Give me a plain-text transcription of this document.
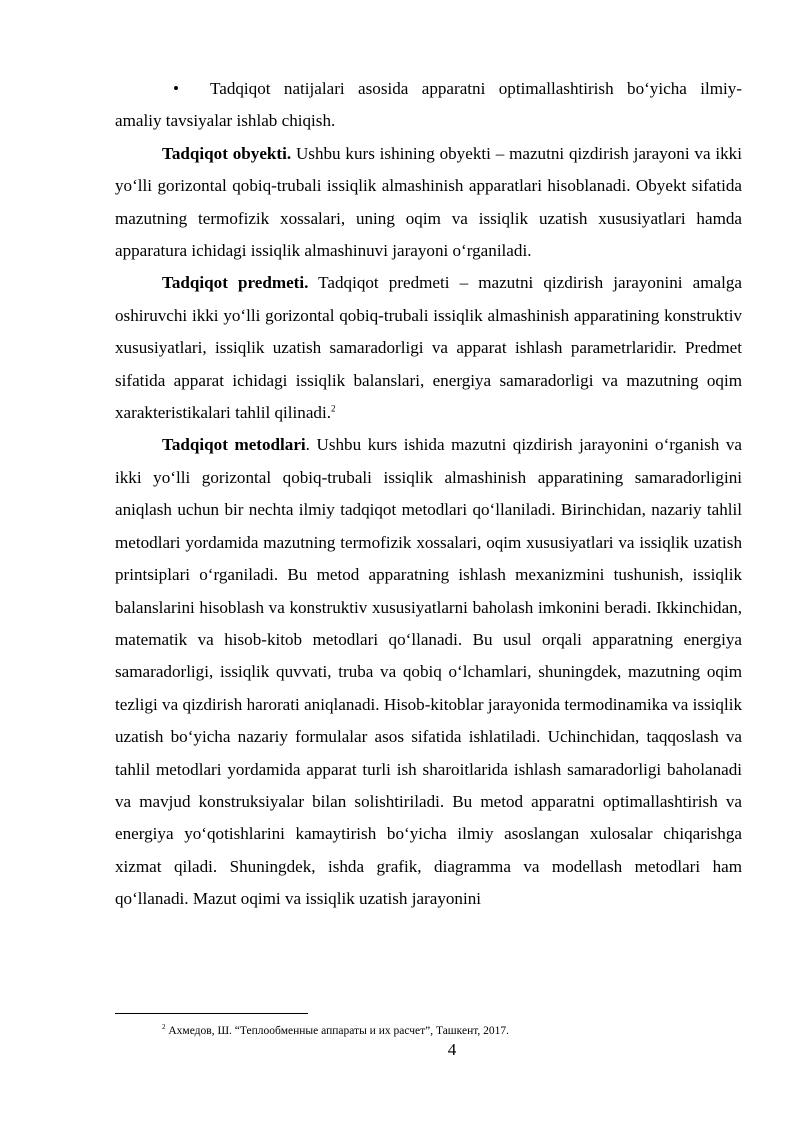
•	Tadqiqot natijalari asosida apparatni optimallashtirish bo‘yicha ilmiy-
amaliy tavsiyalar ishlab chiqish.

Tadqiqot obyekti. Ushbu kurs ishining obyekti – mazutni qizdirish jarayoni va ikki yo‘lli gorizontal qobiq-trubali issiqlik almashinish apparatlari hisoblanadi. Obyekt sifatida mazutning termofizik xossalari, uning oqim va issiqlik uzatish xususiyatlari hamda apparatura ichidagi issiqlik almashinuvi jarayoni o‘rganiladi.

Tadqiqot predmeti. Tadqiqot predmeti – mazutni qizdirish jarayonini amalga oshiruvchi ikki yo‘lli gorizontal qobiq-trubali issiqlik almashinish apparatining konstruktiv xususiyatlari, issiqlik uzatish samaradorligi va apparat ishlash parametrlaridir. Predmet sifatida apparat ichidagi issiqlik balanslari, energiya samaradorligi va mazutning oqim xarakteristikalari tahlil qilinadi.$^2$

Tadqiqot metodlari. Ushbu kurs ishida mazutni qizdirish jarayonini o‘rganish va ikki yo‘lli gorizontal qobiq-trubali issiqlik almashinish apparatining samaradorligini aniqlash uchun bir nechta ilmiy tadqiqot metodlari qo‘llaniladi. Birinchidan, nazariy tahlil metodlari yordamida mazutning termofizik xossalari, oqim xususiyatlari va issiqlik uzatish printsiplari o‘rganiladi. Bu metod apparatning ishlash mexanizmini tushunish, issiqlik balanslarini hisoblash va konstruktiv xususiyatlarni baholash imkonini beradi. Ikkinchidan, matematik va hisob-kitob metodlari qo‘llanadi. Bu usul orqali apparatning energiya samaradorligi, issiqlik quvvati, truba va qobiq o‘lchamlari, shuningdek, mazutning oqim tezligi va qizdirish harorati aniqlanadi. Hisob-kitoblar jarayonida termodinamika va issiqlik uzatish bo‘yicha nazariy formulalar asos sifatida ishlatiladi. Uchinchidan, taqqoslash va tahlil metodlari yordamida apparat turli ish sharoitlarida ishlash samaradorligi baholanadi va mavjud konstruksiyalar bilan solishtiriladi. Bu metod apparatni optimallashtirish va energiya yo‘qotishlarini kamaytirish bo‘yicha ilmiy asoslangan xulosalar chiqarishga xizmat qiladi. Shuningdek, ishda grafik, diagramma va modellash metodlari ham qo‘llanadi. Mazut oqimi va issiqlik uzatish jarayonini

$^2$ Ахмедов, Ш. “Теплообменные аппараты и их расчет”, Ташкент, 2017.
4
